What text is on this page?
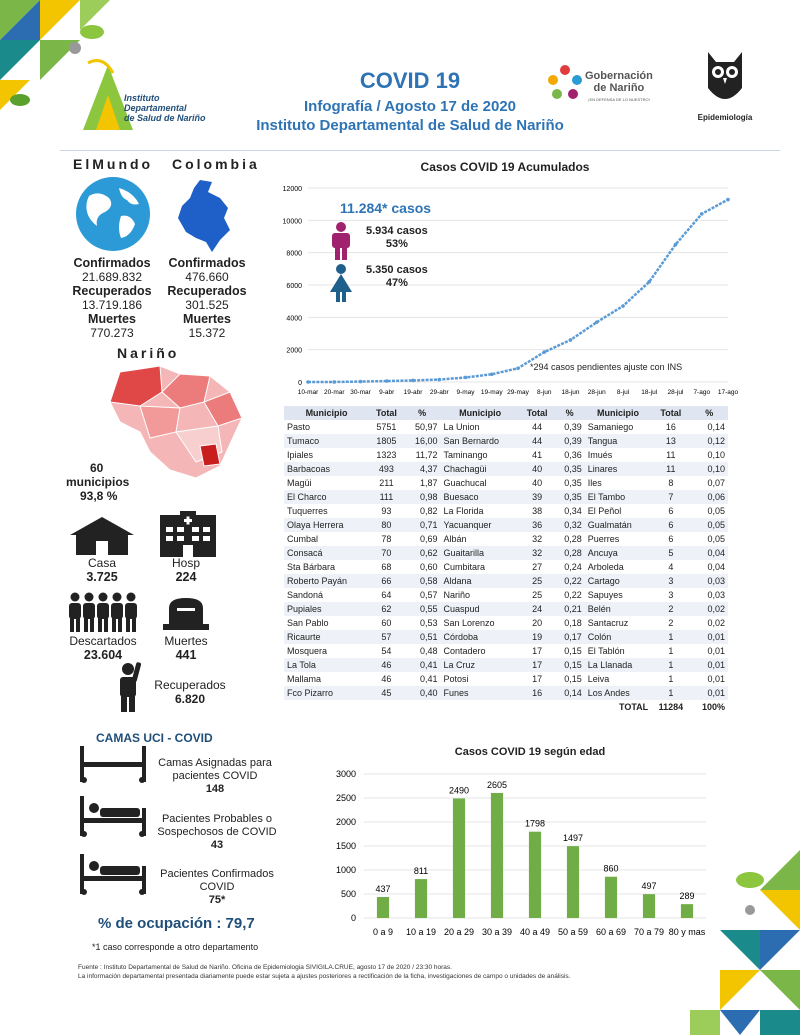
Instituto
Departamental
de Salud de Nariño
COVID 19
Infografía / Agosto 17 de 2020
Instituto Departamental de Salud de Nariño
Gobernación
de Nariño
¡EN DEFENSA DE LO NUESTRO!
Epidemiología
ElMundo
Confirmados
21.689.832
Recuperados
13.719.186
Muertes
770.273
Colombia
Confirmados
476.660
Recuperados
301.525
Muertes
15.372
Nariño
60
municipios
93,8 %
Casa
3.725
Hosp
224
Descartados
23.604
Muertes
441
Recuperados
6.820
Casos COVID 19 Acumulados
0
2000
4000
6000
8000
10000
12000
10-mar 20-mar 30-mar 9-abr 19-abr 29-abr 9-may 19-may 29-may 8-jun 18-jun 28-jun 8-jul 18-jul 28-jul 7-ago 17-ago
11.284* casos
5.934 casos
53%
5.350 casos
47%
*294 casos pendientes ajuste con INS
Municipio	Total	%	Municipio	Total	%	Municipio	Total	%
Pasto	5751	50,97	La Union	44	0,39	Samaniego	16	0,14
Tumaco	1805	16,00	San Bernardo	44	0,39	Tangua	13	0,12
Ipiales	1323	11,72	Taminango	41	0,36	Imués	11	0,10
Barbacoas	493	4,37	Chachagüi	40	0,35	Linares	11	0,10
Magüi	211	1,87	Guachucal	40	0,35	Iles	8	0,07
El Charco	111	0,98	Buesaco	39	0,35	El Tambo	7	0,06
Tuquerres	93	0,82	La Florida	38	0,34	El Peñol	6	0,05
Olaya Herrera	80	0,71	Yacuanquer	36	0,32	Gualmatán	6	0,05
Cumbal	78	0,69	Albán	32	0,28	Puerres	6	0,05
Consacá	70	0,62	Guaitarilla	32	0,28	Ancuya	5	0,04
Sta Bárbara	68	0,60	Cumbitara	27	0,24	Arboleda	4	0,04
Roberto Payán	66	0,58	Aldana	25	0,22	Cartago	3	0,03
Sandoná	64	0,57	Nariño	25	0,22	Sapuyes	3	0,03
Pupiales	62	0,55	Cuaspud	24	0,21	Belén	2	0,02
San Pablo	60	0,53	San Lorenzo	20	0,18	Santacruz	2	0,02
Ricaurte	57	0,51	Córdoba	19	0,17	Colón	1	0,01
Mosquera	54	0,48	Contadero	17	0,15	El Tablón	1	0,01
La Tola	46	0,41	La Cruz	17	0,15	La Llanada	1	0,01
Mallama	46	0,41	Potosi	17	0,15	Leiva	1	0,01
Fco Pizarro	45	0,40	Funes	16	0,14	Los Andes	1	0,01
						TOTAL	11284	100%
CAMAS UCI - COVID
Camas Asignadas para pacientes COVID
148
Pacientes Probables o Sospechosos de COVID
43
Pacientes Confirmados COVID
75*
% de ocupación : 79,7
*1 caso corresponde a otro departamento
Casos COVID 19 según edad
0
500
1000
1500
2000
2500
3000
437
0 a 9
811
10 a 19
2490
20 a 29
2605
30 a 39
1798
40 a 49
1497
50 a 59
860
60 a 69
497
70 a 79
289
80 y mas
Fuente : Instituto Departamental de Salud de Nariño. Oficina de Epidemiologia SIVIGILA.CRUE, agosto 17 de 2020 / 23:30 horas.
La información departamental presentada diariamente puede estar sujeta a ajustes posteriores a rectificación de la ficha, investigaciones de campo o unidades de análisis.
